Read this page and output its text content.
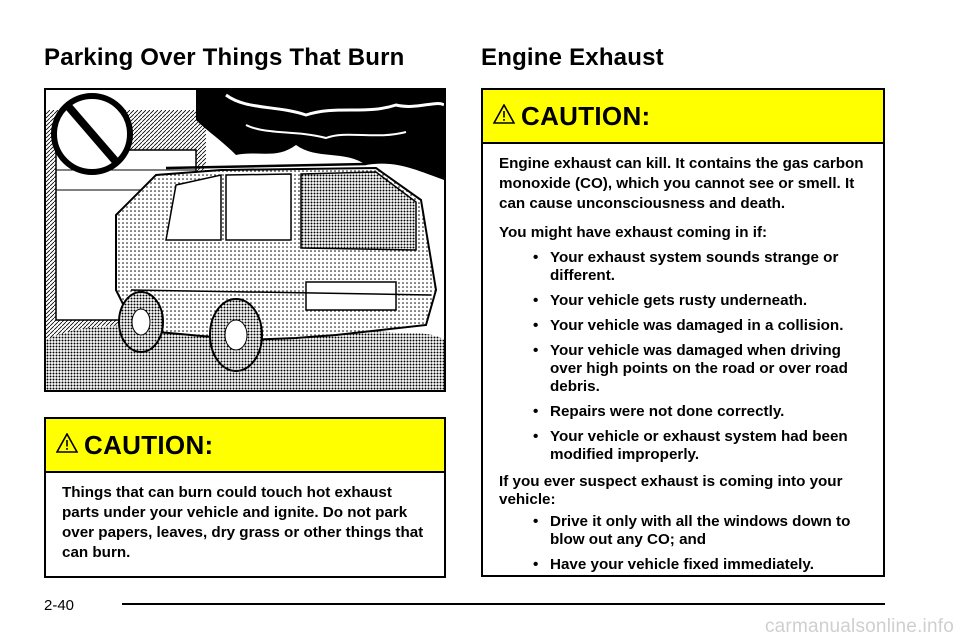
Parking Over Things That Burn	Engine Exhaust
CAUTION:

Things that can burn could touch hot exhaust parts under your vehicle and ignite. Do not park over papers, leaves, dry grass or other things that can burn.

CAUTION:

Engine exhaust can kill. It contains the gas carbon monoxide (CO), which you cannot see or smell. It can cause unconsciousness and death.

You might have exhaust coming in if:

• Your exhaust system sounds strange or different.
• Your vehicle gets rusty underneath.
• Your vehicle was damaged in a collision.
• Your vehicle was damaged when driving over high points on the road or over road debris.
• Repairs were not done correctly.
• Your vehicle or exhaust system had been modified improperly.

If you ever suspect exhaust is coming into your vehicle:

• Drive it only with all the windows down to blow out any CO; and
• Have your vehicle fixed immediately.
2-40
carmanualsonline.info
